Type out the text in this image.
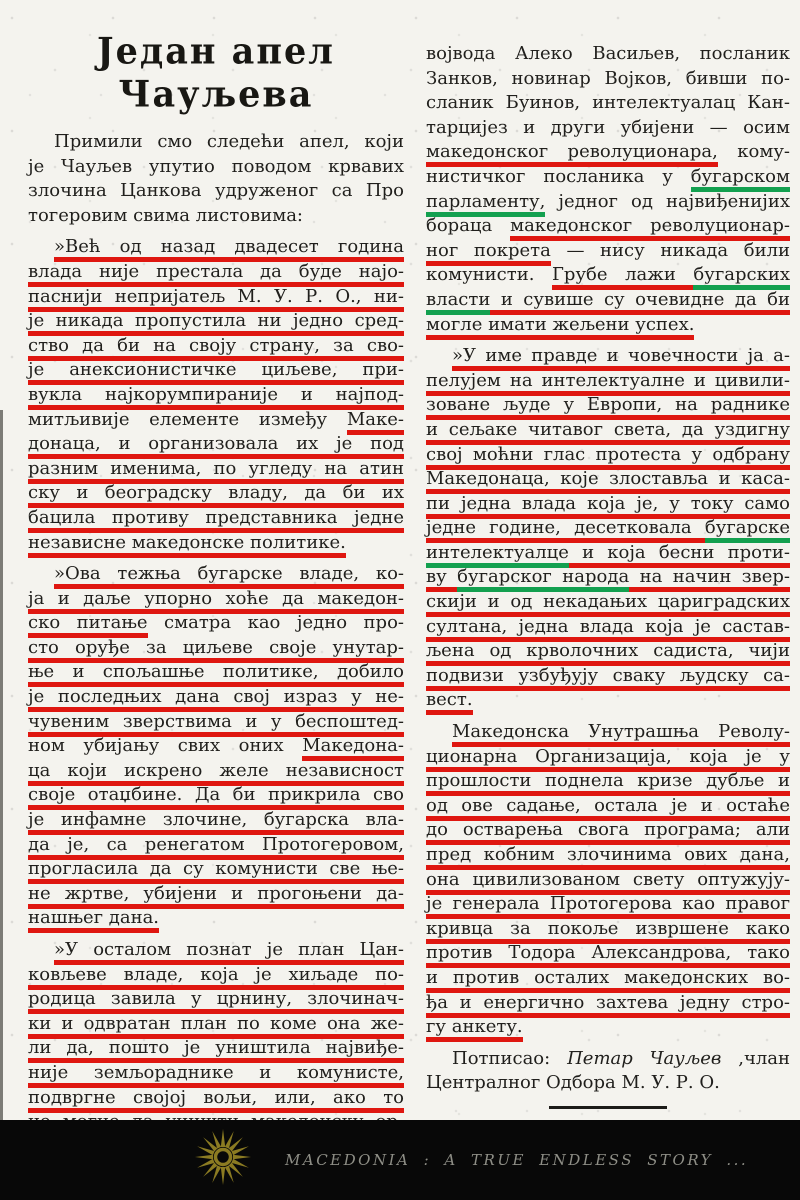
Један апел Чауљева
Примили смо следећи апел, који
је Чауљев упутио поводом крвавих
злочина Цанкова удруженог са Про
тогеровим свима листовима:
»Већ од назад двадесет година
влада није престала да буде најо-
паснији непријатељ М. У. Р. О., ни-
је никада пропустила ни једно сред-
ство да би на своју страну, за сво-
је анексионистичке циљеве, при-
вукла најкорумпираније и најпод-
митљивије елементе између Маке-
донаца, и организовала их је под
разним именима, по угледу на атин
ску и београдску владу, да би их
бацила противу представника једне
независне македонске политике.
»Ова тежња бугарске владе, ко-
ја и даље упорно хоће да македон-
ско питање сматра као једно про-
сто оруђе за циљеве своје унутар-
ње и спољашње политике, добило
је последњих дана свој израз у не-
чувеним зверствима и у беспоштед-
ном убијању свих оних Македона-
ца који искрено желе независност
своје отаџбине. Да би прикрила сво
је инфамне злочине, бугарска вла-
да је, са ренегатом Протогеровом,
прогласила да су комунисти све ње-
не жртве, убијени и прогоњени да-
нашњег дана.
»У осталом познат је план Цан-
ковљеве владе, која је хиљаде по-
родица завила у црнину, злочинач-
ки и одвратан план по коме она же-
ли да, пошто је уништила највиђе-
није земљораднике и комунисте,
подвргне својој вољи, или, ако то
војвода Алеко Васиљев, посланик
Занков, новинар Војков, бивши по-
сланик Буинов, интелектуалац Кан-
тарцијез и други убијени — осим
македонског револуционара, кому-
нистичког посланика у бугарском
парламенту, једног од највиђенијих
бораца македонског револуционар-
ног покрета — нису никада били
комунисти. Грубе лажи бугарских
власти и сувише су очевидне да би
могле имати жељени успех.
»У име правде и човечности ја а-
пелујем на интелектуалне и цивили-
зоване људе у Европи, на раднике
и сељаке читавог света, да уздигну
свој моћни глас протеста у одбрану
Македонаца, које злоставља и каса-
пи једна влада која је, у току само
једне године, десетковала бугарске
интелектуалце и која бесни проти-
ву бугарског народа на начин звер-
скији и од некадањих цариградских
султана, једна влада која је састав-
љена од крволочних садиста, чији
подвизи узбуђују сваку људску са-
вест.
Македонска Унутрашња Револу-
ционарна Организација, која је у
прошлости поднела кризе дубље и
од ове садање, остала је и остаће
до остварења свога програма; али
пред кобним злочинима ових дана,
она цивилизованом свету оптужују-
је генерала Протогерова као правог
кривца за покоље извршене како
против Тодора Александрова, тако
и против осталих македонских во-
ђа и енергично захтева једну стро-
гу анкету.
Потписао: Петар Чауљев ,члан
Централног Одбора М. У. Р. О.
MACEDONIA : A TRUE ENDLESS STORY ...
